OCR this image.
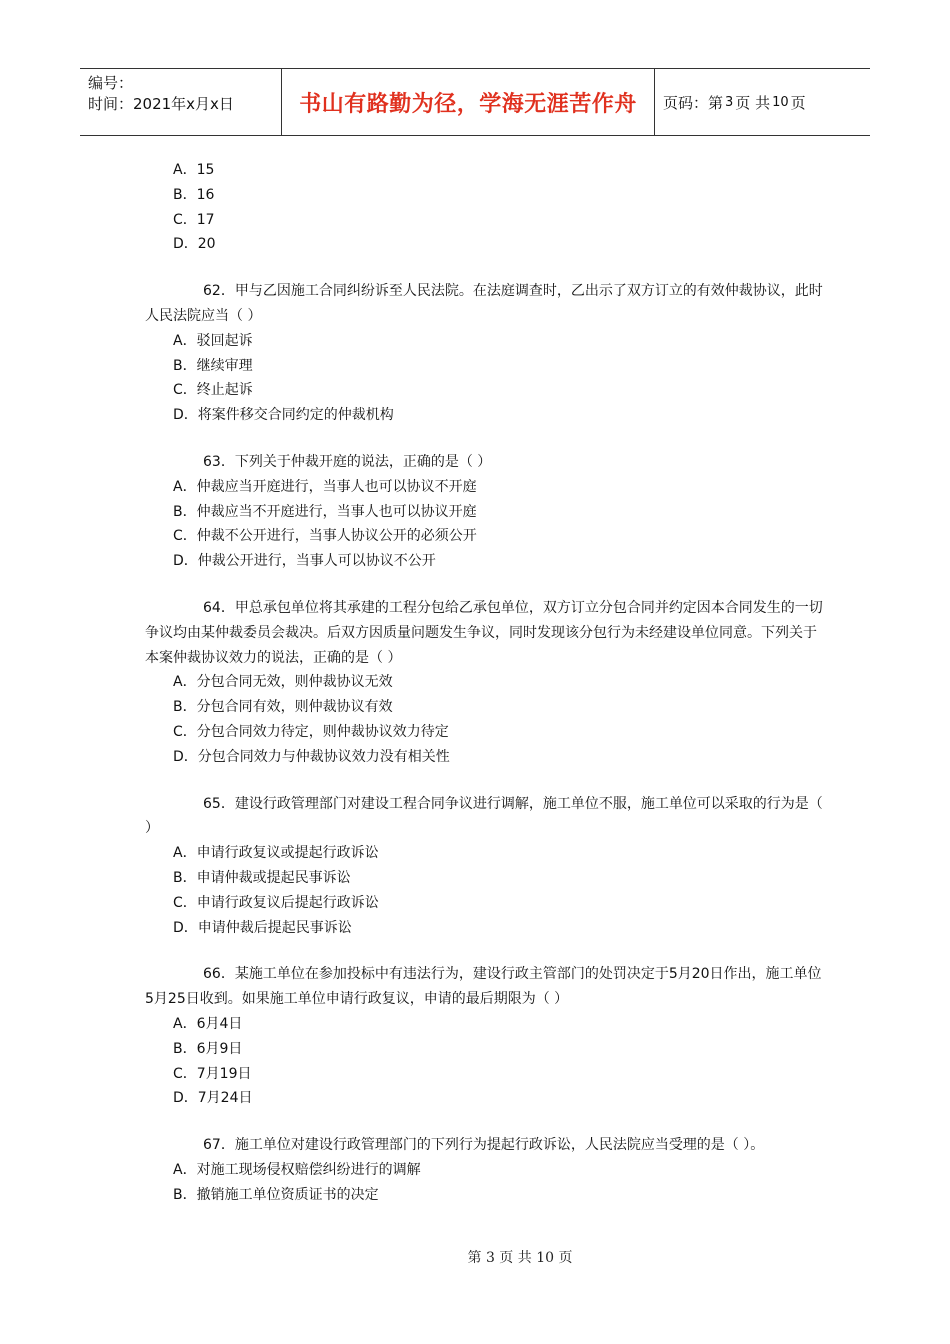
编号：
时间：2021年x月x日	书山有路勤为径，学海无涯苦作舟 页码：第 3 页 共 10 页
A．15
B．16
C．17
D．20
62．甲与乙因施工合同纠纷诉至人民法院。在法庭调查时，乙出示了双方订立的有效仲裁协议，此时人民法院应当（ ）
A．驳回起诉
B．继续审理
C．终止起诉
D．将案件移交合同约定的仲裁机构
63．下列关于仲裁开庭的说法，正确的是（ ）
A．仲裁应当开庭进行，当事人也可以协议不开庭
B．仲裁应当不开庭进行，当事人也可以协议开庭
C．仲裁不公开进行，当事人协议公开的必须公开
D．仲裁公开进行，当事人可以协议不公开
64．甲总承包单位将其承建的工程分包给乙承包单位，双方订立分包合同并约定因本合同发生的一切争议均由某仲裁委员会裁决。后双方因质量问题发生争议，同时发现该分包行为未经建设单位同意。下列关于本案仲裁协议效力的说法，正确的是（ ）
A．分包合同无效，则仲裁协议无效
B．分包合同有效，则仲裁协议有效
C．分包合同效力待定，则仲裁协议效力待定
D．分包合同效力与仲裁协议效力没有相关性
65．建设行政管理部门对建设工程合同争议进行调解，施工单位不服，施工单位可以采取的行为是（ ）
A．申请行政复议或提起行政诉讼
B．申请仲裁或提起民事诉讼
C．申请行政复议后提起行政诉讼
D．申请仲裁后提起民事诉讼
66．某施工单位在参加投标中有违法行为，建设行政主管部门的处罚决定于5月20日作出，施工单位5月25日收到。如果施工单位申请行政复议，申请的最后期限为（ ）
A．6月4日
B．6月9日
C．7月19日
D．7月24日
67．施工单位对建设行政管理部门的下列行为提起行政诉讼，人民法院应当受理的是（ ）。
A．对施工现场侵权赔偿纠纷进行的调解
B．撤销施工单位资质证书的决定
第 3 页 共 10 页
